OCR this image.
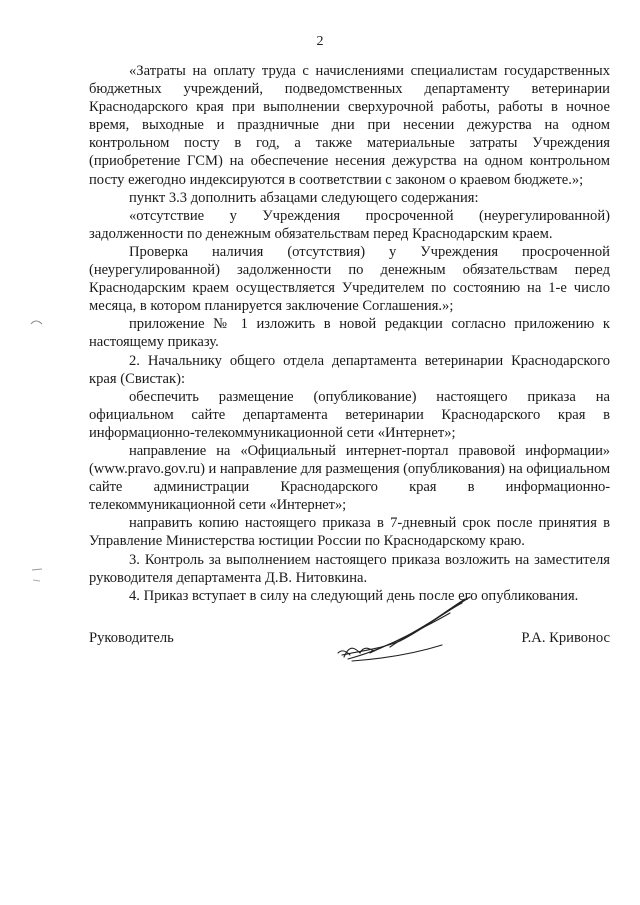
2

«Затраты на оплату труда с начислениями специалистам государственных бюджетных учреждений, подведомственных департаменту ветеринарии Краснодарского края при выполнении сверхурочной работы, работы в ночное время, выходные и праздничные дни при несении дежурства на одном контрольном посту в год, а также материальные затраты Учреждения (приобретение ГСМ) на обеспечение несения дежурства на одном контрольном посту ежегодно индексируются в соответствии с законом о краевом бюджете.»;

пункт 3.3 дополнить абзацами следующего содержания:

«отсутствие у Учреждения просроченной (неурегулированной) задолженности по денежным обязательствам перед Краснодарским краем.

Проверка наличия (отсутствия) у Учреждения просроченной (неурегулированной) задолженности по денежным обязательствам перед Краснодарским краем осуществляется Учредителем по состоянию на 1-е число месяца, в котором планируется заключение Соглашения.»;

приложение № 1 изложить в новой редакции согласно приложению к настоящему приказу.

2. Начальнику общего отдела департамента ветеринарии Краснодарского края (Свистак):

обеспечить размещение (опубликование) настоящего приказа на официальном сайте департамента ветеринарии Краснодарского края в информационно-телекоммуникационной сети «Интернет»;

направление на «Официальный интернет-портал правовой информации» (www.pravo.gov.ru) и направление для размещения (опубликования) на официальном сайте администрации Краснодарского края в информационно-телекоммуникационной сети «Интернет»;

направить копию настоящего приказа в 7-дневный срок после принятия в Управление Министерства юстиции России по Краснодарскому краю.

3. Контроль за выполнением настоящего приказа возложить на заместителя руководителя департамента Д.В. Нитовкина.

4. Приказ вступает в силу на следующий день после его опубликования.

Руководитель	Р.А. Кривонос
